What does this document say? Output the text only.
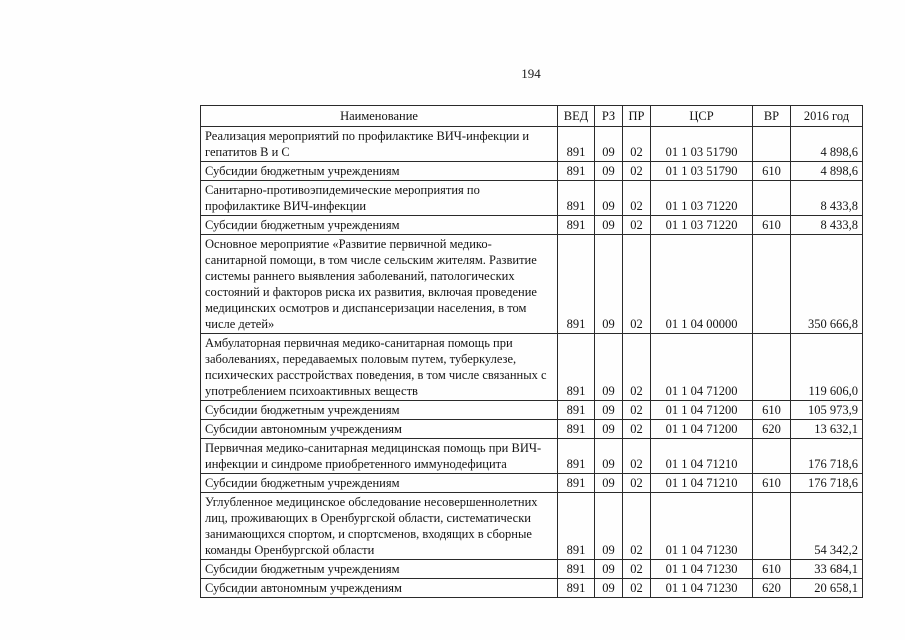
194
Наименование	ВЕД	РЗ	ПР	ЦСР	ВР	2016 год
Реализация мероприятий по профилактике ВИЧ-инфекции и гепатитов B и C	891	09	02	01 1 03 51790		4 898,6
Субсидии бюджетным учреждениям	891	09	02	01 1 03 51790	610	4 898,6
Санитарно-противоэпидемические мероприятия по профилактике ВИЧ-инфекции	891	09	02	01 1 03 71220		8 433,8
Субсидии бюджетным учреждениям	891	09	02	01 1 03 71220	610	8 433,8
Основное мероприятие «Развитие первичной медико-санитарной помощи, в том числе сельским жителям. Развитие системы раннего выявления заболеваний, патологических состояний и факторов риска их развития, включая проведение медицинских осмотров и диспансеризации населения, в том числе детей»	891	09	02	01 1 04 00000		350 666,8
Амбулаторная первичная медико-санитарная помощь при заболеваниях, передаваемых половым путем, туберкулезе, психических расстройствах поведения, в том числе связанных с употреблением психоактивных веществ	891	09	02	01 1 04 71200		119 606,0
Субсидии бюджетным учреждениям	891	09	02	01 1 04 71200	610	105 973,9
Субсидии автономным учреждениям	891	09	02	01 1 04 71200	620	13 632,1
Первичная медико-санитарная медицинская помощь при ВИЧ-инфекции и синдроме приобретенного иммунодефицита	891	09	02	01 1 04 71210		176 718,6
Субсидии бюджетным учреждениям	891	09	02	01 1 04 71210	610	176 718,6
Углубленное медицинское обследование несовершеннолетних лиц, проживающих в Оренбургской области, систематически занимающихся спортом, и спортсменов, входящих в сборные команды Оренбургской области	891	09	02	01 1 04 71230		54 342,2
Субсидии бюджетным учреждениям	891	09	02	01 1 04 71230	610	33 684,1
Субсидии автономным учреждениям	891	09	02	01 1 04 71230	620	20 658,1
